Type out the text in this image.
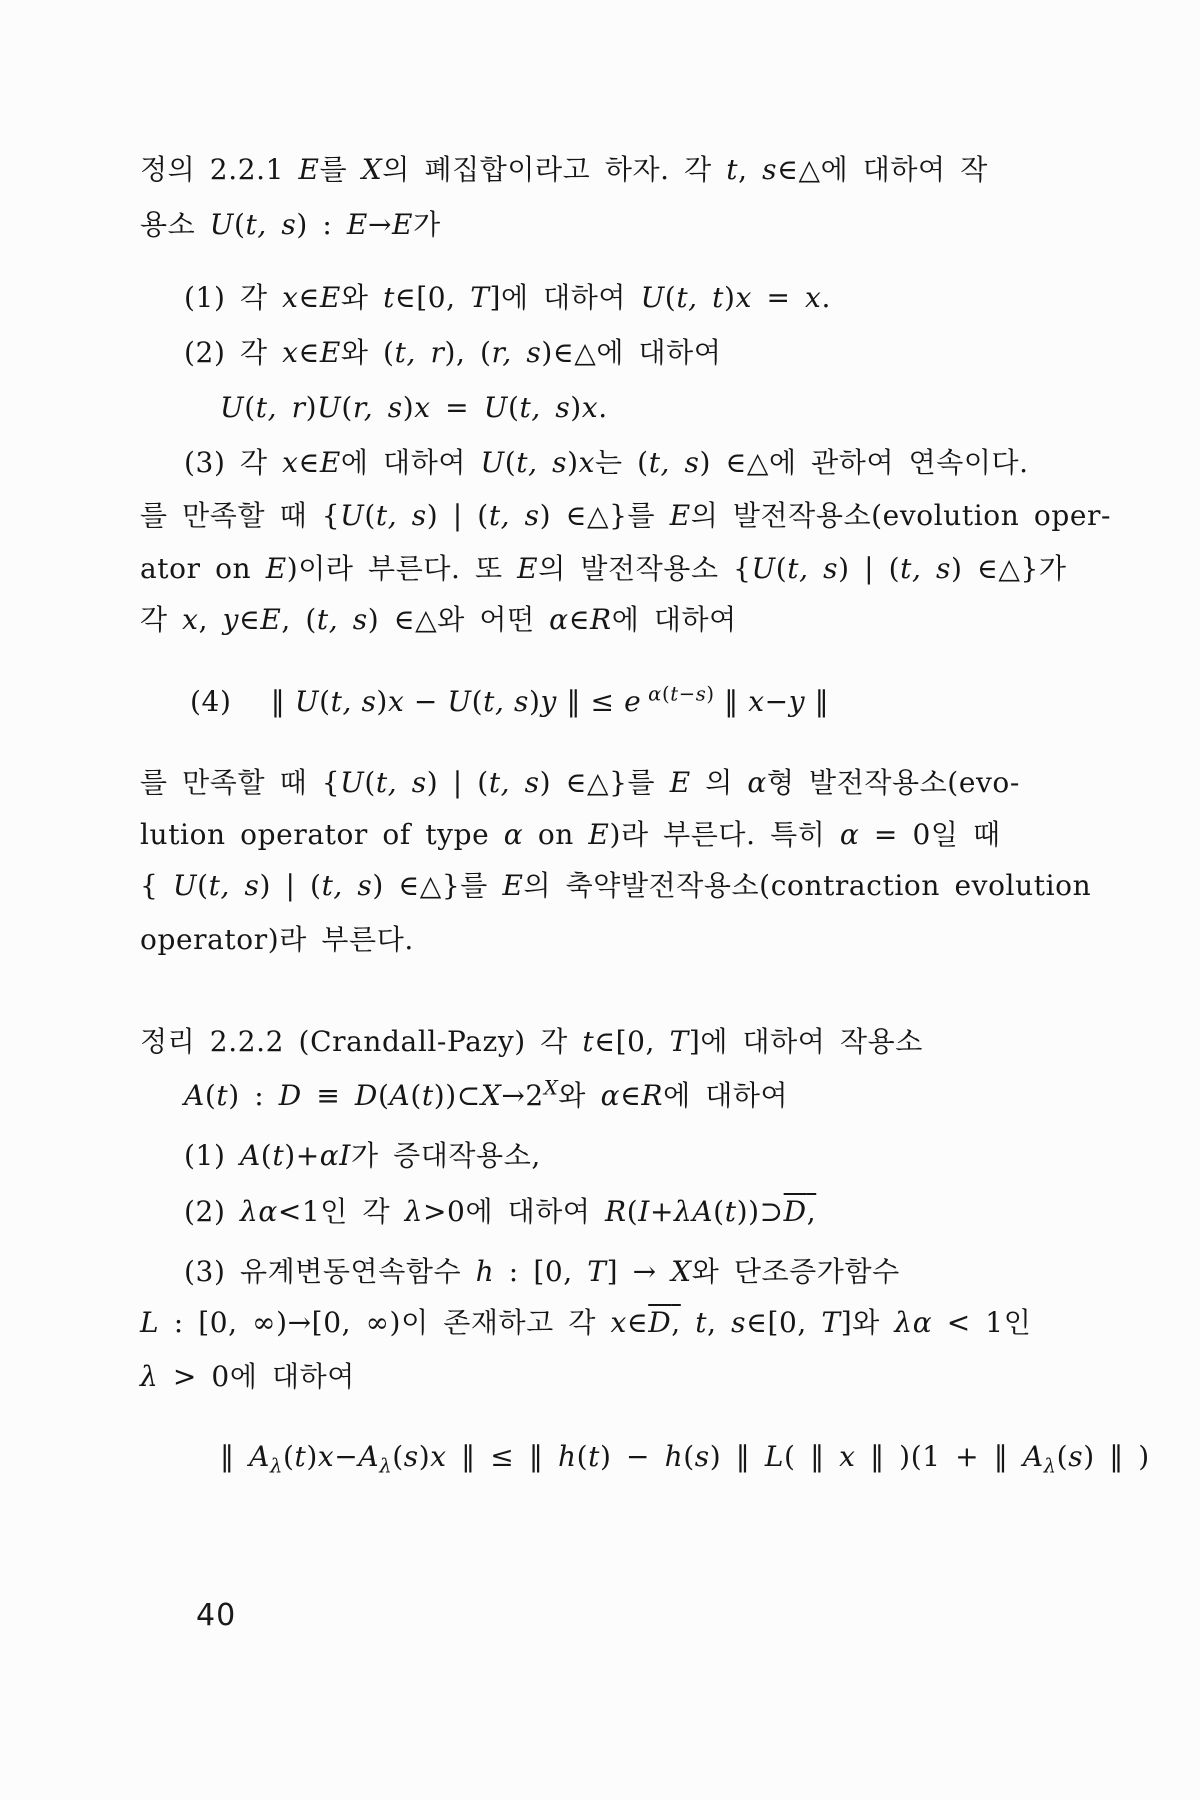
정의 2.2.1 E를 X의 폐집합이라고 하자. 각 t, s∈△에 대하여 작
용소 U(t, s) : E→E가
(1) 각 x∈E와 t∈[0, T]에 대하여 U(t, t)x = x.
(2) 각 x∈E와 (t, r), (r, s)∈△에 대하여
U(t, r)U(r, s)x = U(t, s)x.
(3) 각 x∈E에 대하여 U(t, s)x는 (t, s) ∈△에 관하여 연속이다.
를 만족할 때 {U(t, s) | (t, s) ∈△}를 E의 발전작용소(evolution oper-
ator on E)이라 부른다. 또 E의 발전작용소 {U(t, s) | (t, s) ∈△}가
각 x, y∈E, (t, s) ∈△와 어떤 α∈R에 대하여
(4)	‖ U(t, s)x − U(t, s)y ‖ ≤ e $^{\alpha(t-s)}$ ‖ x−y ‖
를 만족할 때 {U(t, s) | (t, s) ∈△}를 E 의 α형 발전작용소(evo-
lution operator of type α on E)라 부른다. 특히 α = 0일 때
{ U(t, s) | (t, s) ∈△}를 E의 축약발전작용소(contraction evolution
operator)라 부른다.
정리 2.2.2 (Crandall-Pazy) 각 t∈[0, T]에 대하여 작용소
A(t) : $D \equiv D(A(t))\subset X\to 2^X$와 α∈R에 대하여
(1) A(t)+αI가 증대작용소,
(2) λα<1인 각 λ>0에 대하여 R(I+λA(t))⊃D,
(3) 유계변동연속함수 h : [0, T] → X와 단조증가함수
L : [0, ∞)→[0, ∞)이 존재하고 각 x∈D, t, s∈[0, T]와 λα < 1인
λ > 0에 대하여
‖ $A_\lambda(t)x-A_\lambda(s)x$ ‖ ≤ ‖ h(t) − h(s) ‖ L( ‖ x ‖ )(1 + ‖ $A_\lambda(s)$ ‖ )
40
